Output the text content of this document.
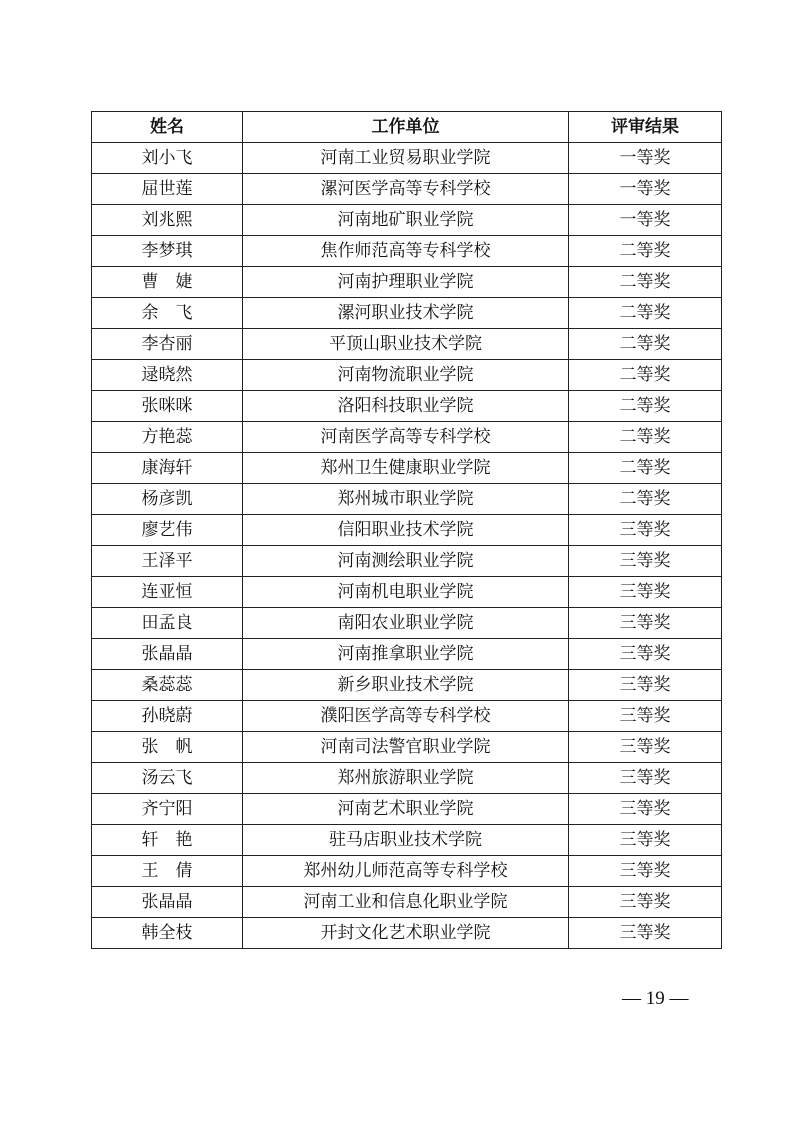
姓名	工作单位	评审结果
刘小飞	河南工业贸易职业学院	一等奖
屈世莲	漯河医学高等专科学校	一等奖
刘兆熙	河南地矿职业学院	一等奖
李梦琪	焦作师范高等专科学校	二等奖
曹　婕	河南护理职业学院	二等奖
余　飞	漯河职业技术学院	二等奖
李杏丽	平顶山职业技术学院	二等奖
逯晓然	河南物流职业学院	二等奖
张咪咪	洛阳科技职业学院	二等奖
方艳蕊	河南医学高等专科学校	二等奖
康海轩	郑州卫生健康职业学院	二等奖
杨彦凯	郑州城市职业学院	二等奖
廖艺伟	信阳职业技术学院	三等奖
王泽平	河南测绘职业学院	三等奖
连亚恒	河南机电职业学院	三等奖
田孟良	南阳农业职业学院	三等奖
张晶晶	河南推拿职业学院	三等奖
桑蕊蕊	新乡职业技术学院	三等奖
孙晓蔚	濮阳医学高等专科学校	三等奖
张　帆	河南司法警官职业学院	三等奖
汤云飞	郑州旅游职业学院	三等奖
齐宁阳	河南艺术职业学院	三等奖
轩　艳	驻马店职业技术学院	三等奖
王　倩	郑州幼儿师范高等专科学校	三等奖
张晶晶	河南工业和信息化职业学院	三等奖
韩全枝	开封文化艺术职业学院	三等奖
— 19 —
